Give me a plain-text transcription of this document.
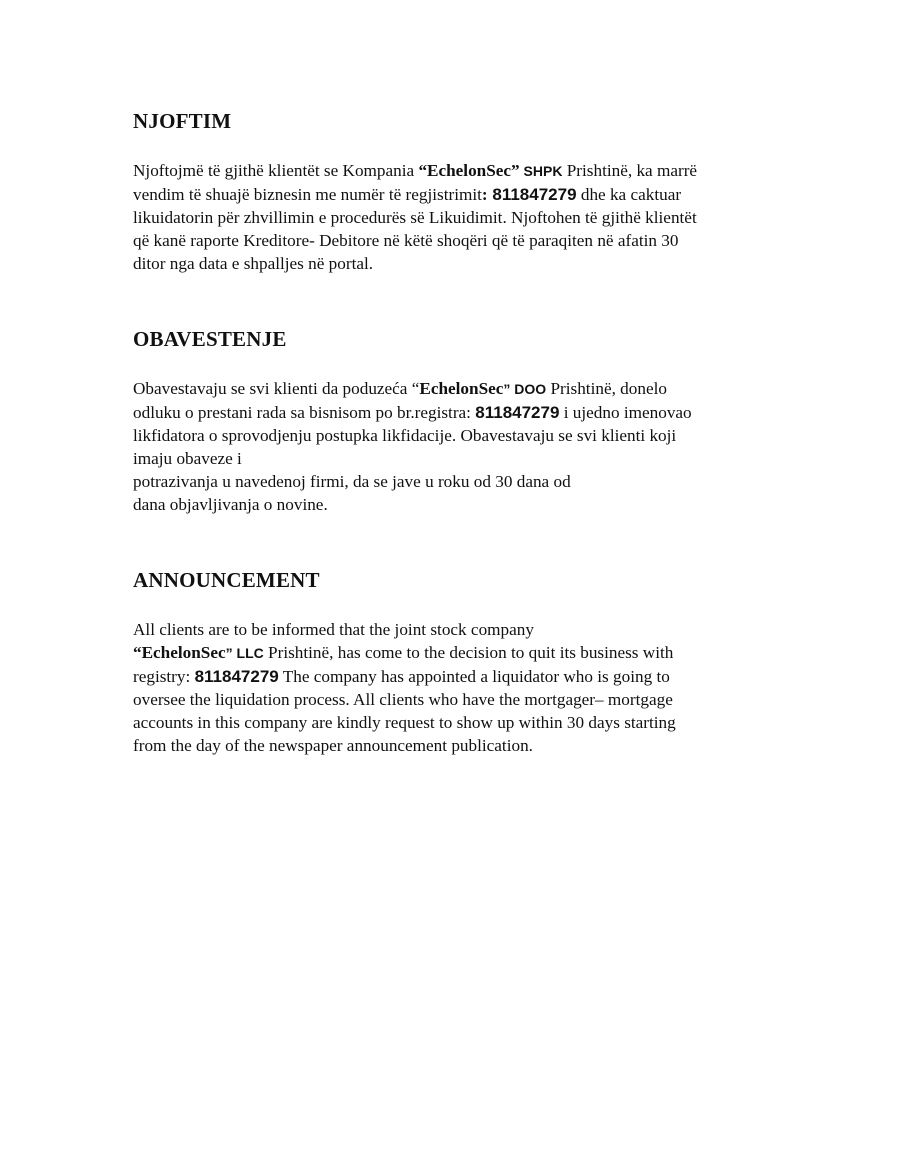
NJOFTIM

Njoftojmë të gjithë klientët se Kompania “EchelonSec” SHPK Prishtinë, ka marrë
vendim të shuajë biznesin me numër të regjistrimit: 811847279 dhe ka caktuar
likuidatorin për zhvillimin e procedurës së Likuidimit. Njoftohen të gjithë klientët
që kanë raporte Kreditore- Debitore në këtë shoqëri që të paraqiten në afatin 30
ditor nga data e shpalljes në portal.

OBAVESTENJE

Obavestavaju se svi klienti da poduzeća “EchelonSec” DOO Prishtinë, donelo
odluku o prestani rada sa bisnisom po br.registra: 811847279 i ujedno imenovao
likfidatora o sprovodjenju postupka likfidacije. Obavestavaju se svi klienti koji
imaju obaveze i
potrazivanja u navedenoj firmi, da se jave u roku od 30 dana od
dana objavljivanja o novine.

ANNOUNCEMENT

All clients are to be informed that the joint stock company
“EchelonSec” LLC Prishtinë, has come to the decision to quit its business with
registry: 811847279 The company has appointed a liquidator who is going to
oversee the liquidation process. All clients who have the mortgager– mortgage
accounts in this company are kindly request to show up within 30 days starting
from the day of the newspaper announcement publication.
